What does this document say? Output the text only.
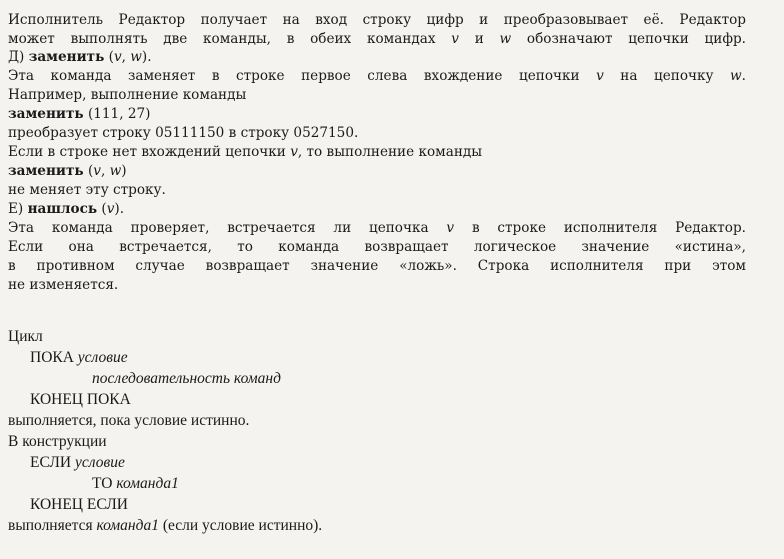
Исполнитель Редактор получает на вход строку цифр и преобразовывает её. Редактор

может выполнять две команды, в обеих командах v и w обозначают цепочки цифр.

Д) заменить (v, w).

Эта команда заменяет в строке первое слева вхождение цепочки v на цепочку w.

Например, выполнение команды

заменить (111, 27)

преобразует строку 05111150 в строку 0527150.

Если в строке нет вхождений цепочки v, то выполнение команды

заменить (v, w)

не меняет эту строку.

Е) нашлось (v).

Эта команда проверяет, встречается ли цепочка v в строке исполнителя Редактор.

Если она встречается, то команда возвращает логическое значение «истина»,

в противном случае возвращает значение «ложь». Строка исполнителя при этом

не изменяется.

Цикл

ПОКА условие

последовательность команд

КОНЕЦ ПОКА

выполняется, пока условие истинно.

В конструкции

ЕСЛИ условие

ТО команда1

КОНЕЦ ЕСЛИ

выполняется команда1 (если условие истинно).
